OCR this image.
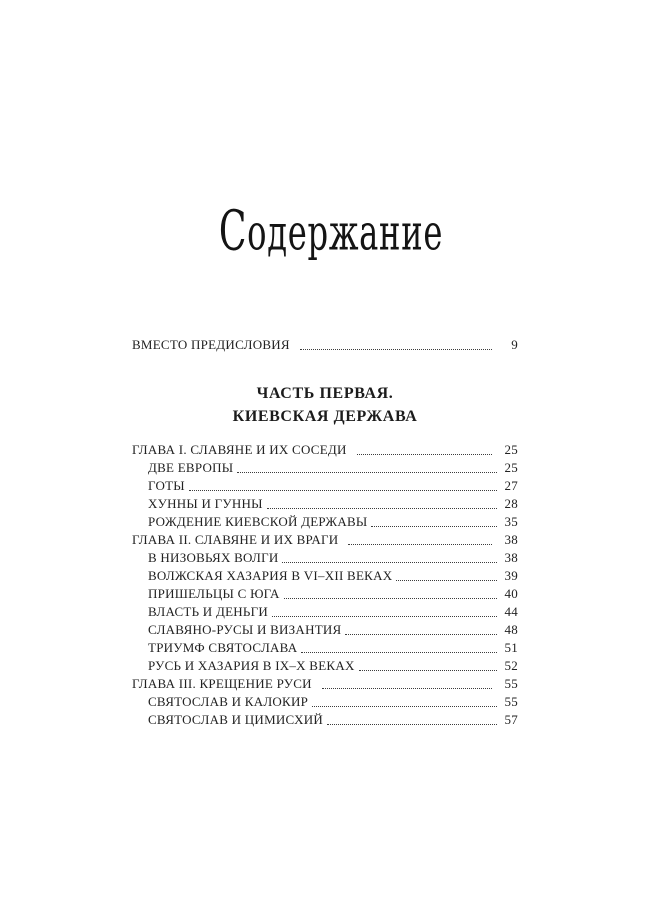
Содержание
ВМЕСТО ПРЕДИСЛОВИЯ	9
ЧАСТЬ ПЕРВАЯ.
КИЕВСКАЯ ДЕРЖАВА
ГЛАВА I. СЛАВЯНЕ И ИХ СОСЕДИ	25
ДВЕ ЕВРОПЫ	25
ГОТЫ	27
ХУННЫ И ГУННЫ	28
РОЖДЕНИЕ КИЕВСКОЙ ДЕРЖАВЫ	35
ГЛАВА II. СЛАВЯНЕ И ИХ ВРАГИ	38
В НИЗОВЬЯХ ВОЛГИ	38
ВОЛЖСКАЯ ХАЗАРИЯ В VI–XII ВЕКАХ	39
ПРИШЕЛЬЦЫ С ЮГА	40
ВЛАСТЬ И ДЕНЬГИ	44
СЛАВЯНО-РУСЫ И ВИЗАНТИЯ	48
ТРИУМФ СВЯТОСЛАВА	51
РУСЬ И ХАЗАРИЯ В IX–X ВЕКАХ	52
ГЛАВА III. КРЕЩЕНИЕ РУСИ	55
СВЯТОСЛАВ И КАЛОКИР	55
СВЯТОСЛАВ И ЦИМИСХИЙ	57
